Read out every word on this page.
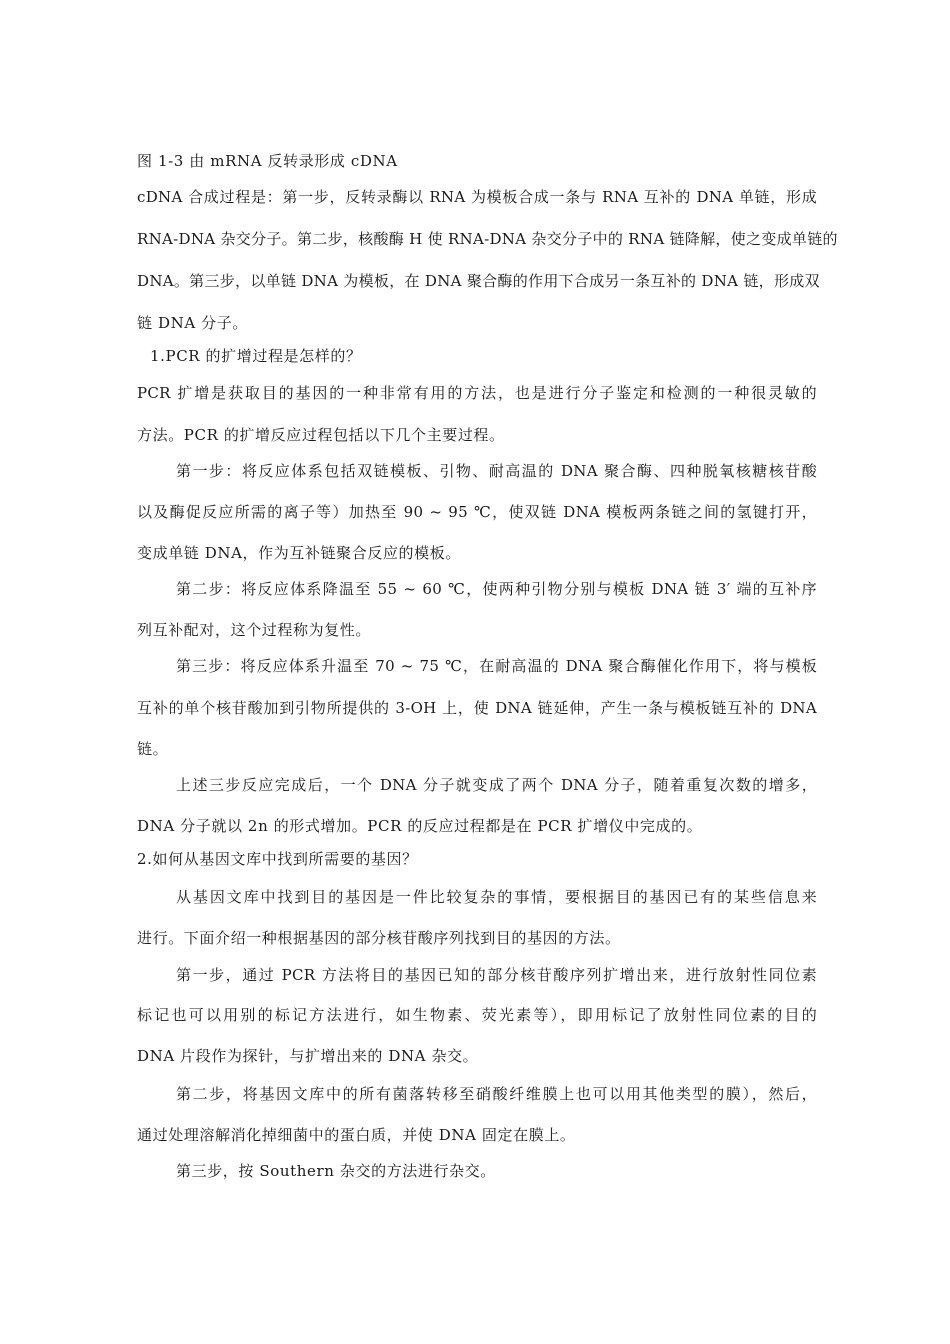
图 1-3 由 mRNA 反转录形成 cDNA
cDNA 合成过程是：第一步，反转录酶以 RNA 为模板合成一条与 RNA 互补的 DNA 单链，形成
RNA-DNA 杂交分子。第二步，核酸酶 H 使 RNA-DNA 杂交分子中的 RNA 链降解，使之变成单链的
DNA。第三步，以单链 DNA 为模板，在 DNA 聚合酶的作用下合成另一条互补的 DNA 链，形成双
链 DNA 分子。
1.PCR 的扩增过程是怎样的？
PCR 扩增是获取目的基因的一种非常有用的方法，也是进行分子鉴定和检测的一种很灵敏的
方法。PCR 的扩增反应过程包括以下几个主要过程。
第一步：将反应体系包括双链模板、引物、耐高温的 DNA 聚合酶、四种脱氧核糖核苷酸
以及酶促反应所需的离子等）加热至 90 ~ 95 ℃，使双链 DNA 模板两条链之间的氢键打开，
变成单链 DNA，作为互补链聚合反应的模板。
第二步：将反应体系降温至 55 ~ 60 ℃，使两种引物分别与模板 DNA 链 3′ 端的互补序
列互补配对，这个过程称为复性。
第三步：将反应体系升温至 70 ~ 75 ℃，在耐高温的 DNA 聚合酶催化作用下，将与模板
互补的单个核苷酸加到引物所提供的 3-OH 上，使 DNA 链延伸，产生一条与模板链互补的 DNA
链。
上述三步反应完成后，一个 DNA 分子就变成了两个 DNA 分子，随着重复次数的增多，
DNA 分子就以 2n 的形式增加。PCR 的反应过程都是在 PCR 扩增仪中完成的。
2.如何从基因文库中找到所需要的基因？
从基因文库中找到目的基因是一件比较复杂的事情，要根据目的基因已有的某些信息来
进行。下面介绍一种根据基因的部分核苷酸序列找到目的基因的方法。
第一步，通过 PCR 方法将目的基因已知的部分核苷酸序列扩增出来，进行放射性同位素
标记也可以用别的标记方法进行，如生物素、荧光素等），即用标记了放射性同位素的目的
DNA 片段作为探针，与扩增出来的 DNA 杂交。
第二步，将基因文库中的所有菌落转移至硝酸纤维膜上也可以用其他类型的膜），然后，
通过处理溶解消化掉细菌中的蛋白质，并使 DNA 固定在膜上。
第三步，按 Southern 杂交的方法进行杂交。
